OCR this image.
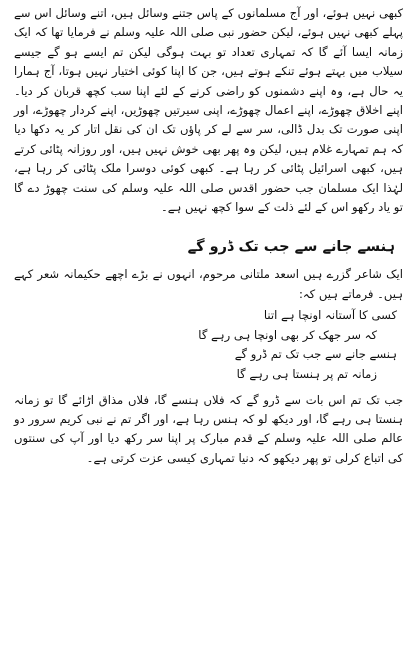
کبھی نہیں ہوئے، اور آج مسلمانوں کے پاس جتنے وسائل ہیں، اتنے وسائل اس سے پہلے کبھی نہیں ہوئے، لیکن حضور نبی صلی اللہ علیہ وسلم نے فرمایا تھا کہ ایک زمانہ ایسا آئے گا کہ تمہاری تعداد تو بہت ہوگی لیکن تم ایسے ہو گے جیسے سیلاب میں بہتے ہوئے تنکے ہوتے ہیں، جن کا اپنا کوئی اختیار نہیں ہوتا، آج ہمارا یہ حال ہے، وہ اپنے دشمنوں کو راضی کرنے کے لئے اپنا سب کچھ قربان کر دیا۔ اپنے اخلاق چھوڑے، اپنے اعمال چھوڑے، اپنی سیرتیں چھوڑیں، اپنے کردار چھوڑے، اور اپنی صورت تک بدل ڈالی، سر سے لے کر پاؤں تک ان کی نقل اتار کر یہ دکھا دیا کہ ہم تمہارے غلام ہیں، لیکن وہ پھر بھی خوش نہیں ہیں، اور روزانہ پٹائی کرتے ہیں، کبھی اسرائیل پٹائی کر رہا ہے۔ کبھی کوئی دوسرا ملک پٹائی کر رہا ہے، لہٰذا ایک مسلمان جب حضور اقدس صلی اللہ علیہ وسلم کی سنت چھوڑ دے گا تو یاد رکھو اس کے لئے ذلت کے سوا کچھ نہیں ہے۔

ہنسے جانے سے جب تک ڈرو گے

ایک شاعر گزرے ہیں اسعد ملتانی مرحوم، انہوں نے بڑے اچھے حکیمانہ شعر کہے ہیں۔ فرماتے ہیں کہ:

کسی کا آستانہ اونچا ہے اتنا
کہ سر جھک کر بھی اونچا ہی رہے گا
ہنسے جانے سے جب تک تم ڈرو گے
زمانہ تم پر ہنستا ہی رہے گا

جب تک تم اس بات سے ڈرو گے کہ فلاں ہنسے گا، فلاں مذاق اڑائے گا تو زمانہ ہنستا ہی رہے گا، اور دیکھ لو کہ ہنس رہا ہے، اور اگر تم نے نبی کریم سرور دو عالم صلی اللہ علیہ وسلم کے قدم مبارک پر اپنا سر رکھ دیا اور آپ کی سنتوں کی اتباع کرلی تو پھر دیکھو کہ دنیا تمہاری کیسی عزت کرتی ہے۔
